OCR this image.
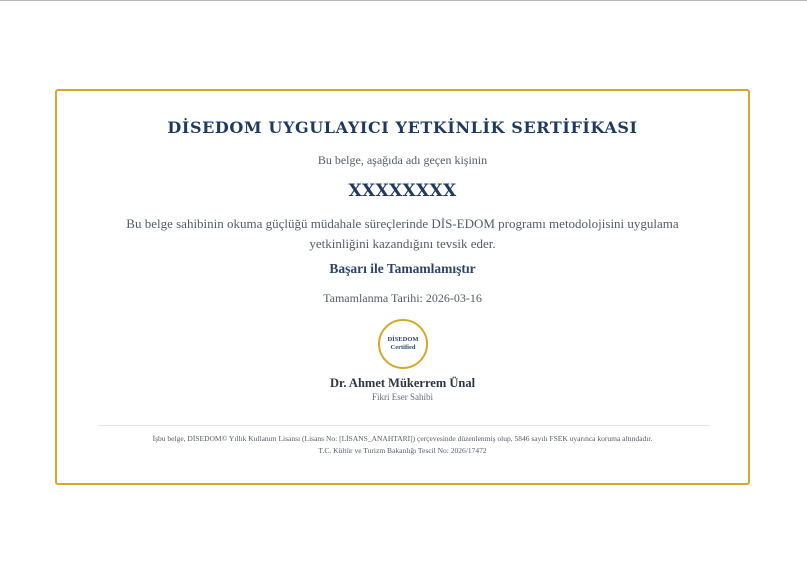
DİSEDOM UYGULAYICI YETKİNLİK SERTİFİKASI
Bu belge, aşağıda adı geçen kişinin
XXXXXXXX
Bu belge sahibinin okuma güçlüğü müdahale süreçlerinde DİS-EDOM programı metodolojisini uygulama yetkinliğini kazandığını tevsik eder.
Başarı ile Tamamlamıştır
Tamamlanma Tarihi: 2026-03-16
DİSEDOM
Certified
Dr. Ahmet Mükerrem Ünal
Fikri Eser Sahibi
İşbu belge, DİSEDOM© Yıllık Kullanım Lisansı (Lisans No: [LİSANS_ANAHTARI]) çerçevesinde düzenlenmiş olup, 5846 sayılı FSEK uyarınca koruma altındadır.
T.C. Kültür ve Turizm Bakanlığı Tescil No: 2026/17472
